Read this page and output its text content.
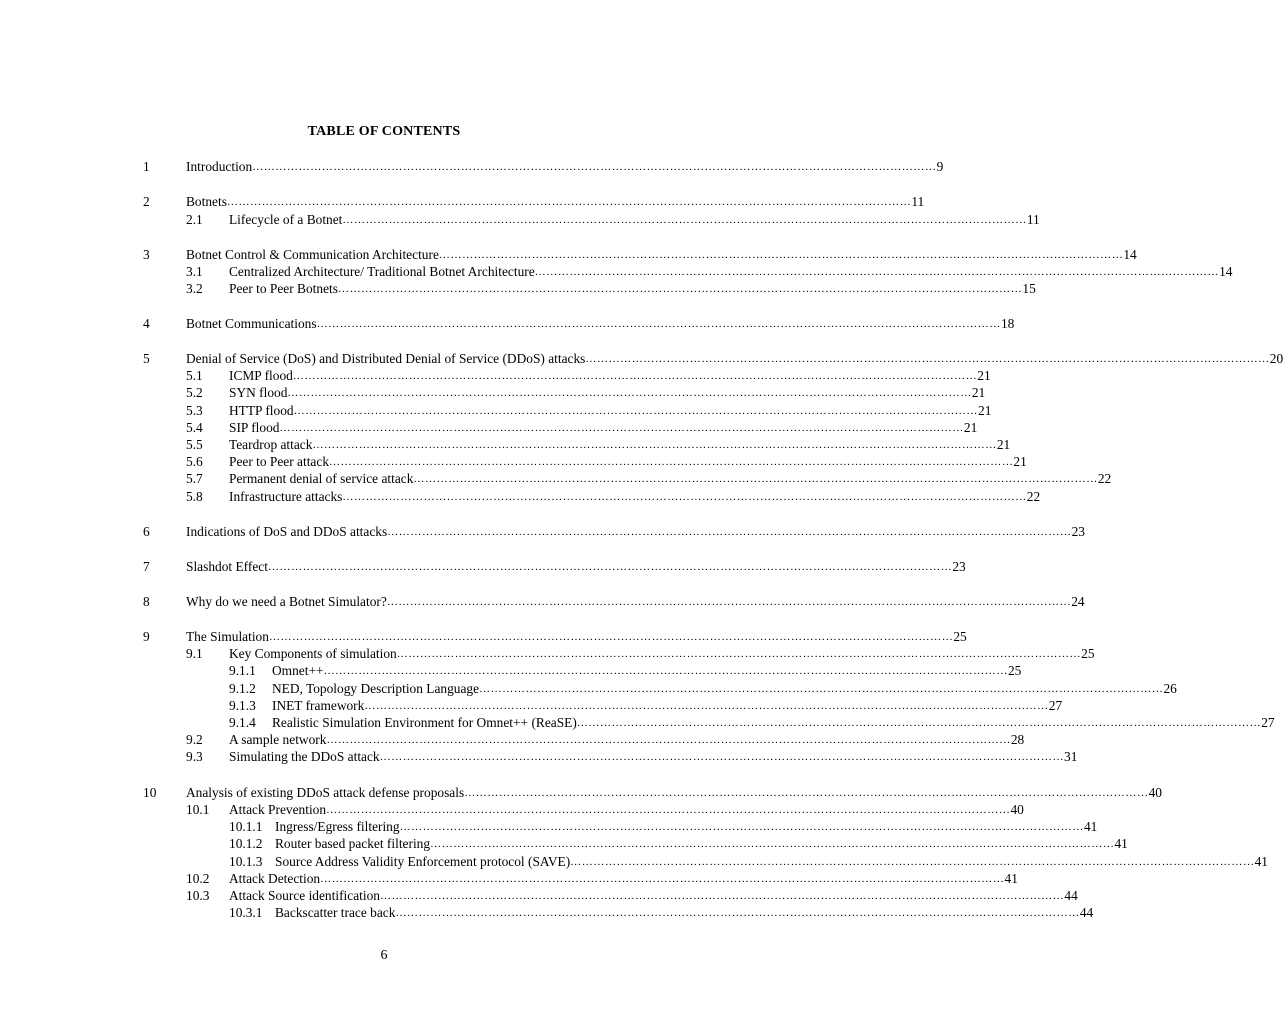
TABLE OF CONTENTS
1	Introduction …………………………………………………………………………………………………………………………………………………………… 9
2	Botnets …………………………………………………………………………………………………………………………………………………………… 11
2.1 Lifecycle of a Botnet …………………………………………………………………………………………………………………………………………………………… 11
3	Botnet Control & Communication Architecture …………………………………………………………………………………………………………………………………………………………… 14
3.1 Centralized Architecture/ Traditional Botnet Architecture …………………………………………………………………………………………………………………………………………………………… 14
3.2 Peer to Peer Botnets …………………………………………………………………………………………………………………………………………………………… 15
4	Botnet Communications …………………………………………………………………………………………………………………………………………………………… 18
5	Denial of Service (DoS) and Distributed Denial of Service (DDoS) attacks …………………………………………………………………………………………………………………………………………………………… 20
5.1 ICMP flood …………………………………………………………………………………………………………………………………………………………… 21
5.2 SYN flood …………………………………………………………………………………………………………………………………………………………… 21
5.3 HTTP flood …………………………………………………………………………………………………………………………………………………………… 21
5.4 SIP flood …………………………………………………………………………………………………………………………………………………………… 21
5.5 Teardrop attack …………………………………………………………………………………………………………………………………………………………… 21
5.6 Peer to Peer attack …………………………………………………………………………………………………………………………………………………………… 21
5.7 Permanent denial of service attack …………………………………………………………………………………………………………………………………………………………… 22
5.8 Infrastructure attacks …………………………………………………………………………………………………………………………………………………………… 22
6	Indications of DoS and DDoS attacks …………………………………………………………………………………………………………………………………………………………… 23
7	Slashdot Effect …………………………………………………………………………………………………………………………………………………………… 23
8	Why do we need a Botnet Simulator? …………………………………………………………………………………………………………………………………………………………… 24
9	The Simulation …………………………………………………………………………………………………………………………………………………………… 25
9.1 Key Components of simulation …………………………………………………………………………………………………………………………………………………………… 25
9.1.1 Omnet++ …………………………………………………………………………………………………………………………………………………………… 25
9.1.2 NED, Topology Description Language …………………………………………………………………………………………………………………………………………………………… 26
9.1.3 INET framework …………………………………………………………………………………………………………………………………………………………… 27
9.1.4 Realistic Simulation Environment for Omnet++ (ReaSE) …………………………………………………………………………………………………………………………………………………………… 27
9.2 A sample network …………………………………………………………………………………………………………………………………………………………… 28
9.3 Simulating the DDoS attack …………………………………………………………………………………………………………………………………………………………… 31
10 Analysis of existing DDoS attack defense proposals …………………………………………………………………………………………………………………………………………………………… 40
10.1 Attack Prevention …………………………………………………………………………………………………………………………………………………………… 40
10.1.1 Ingress/Egress filtering …………………………………………………………………………………………………………………………………………………………… 41
10.1.2 Router based packet filtering …………………………………………………………………………………………………………………………………………………………… 41
10.1.3 Source Address Validity Enforcement protocol (SAVE) …………………………………………………………………………………………………………………………………………………………… 41
10.2 Attack Detection …………………………………………………………………………………………………………………………………………………………… 41
10.3 Attack Source identification …………………………………………………………………………………………………………………………………………………………… 44
10.3.1 Backscatter trace back …………………………………………………………………………………………………………………………………………………………… 44
6
